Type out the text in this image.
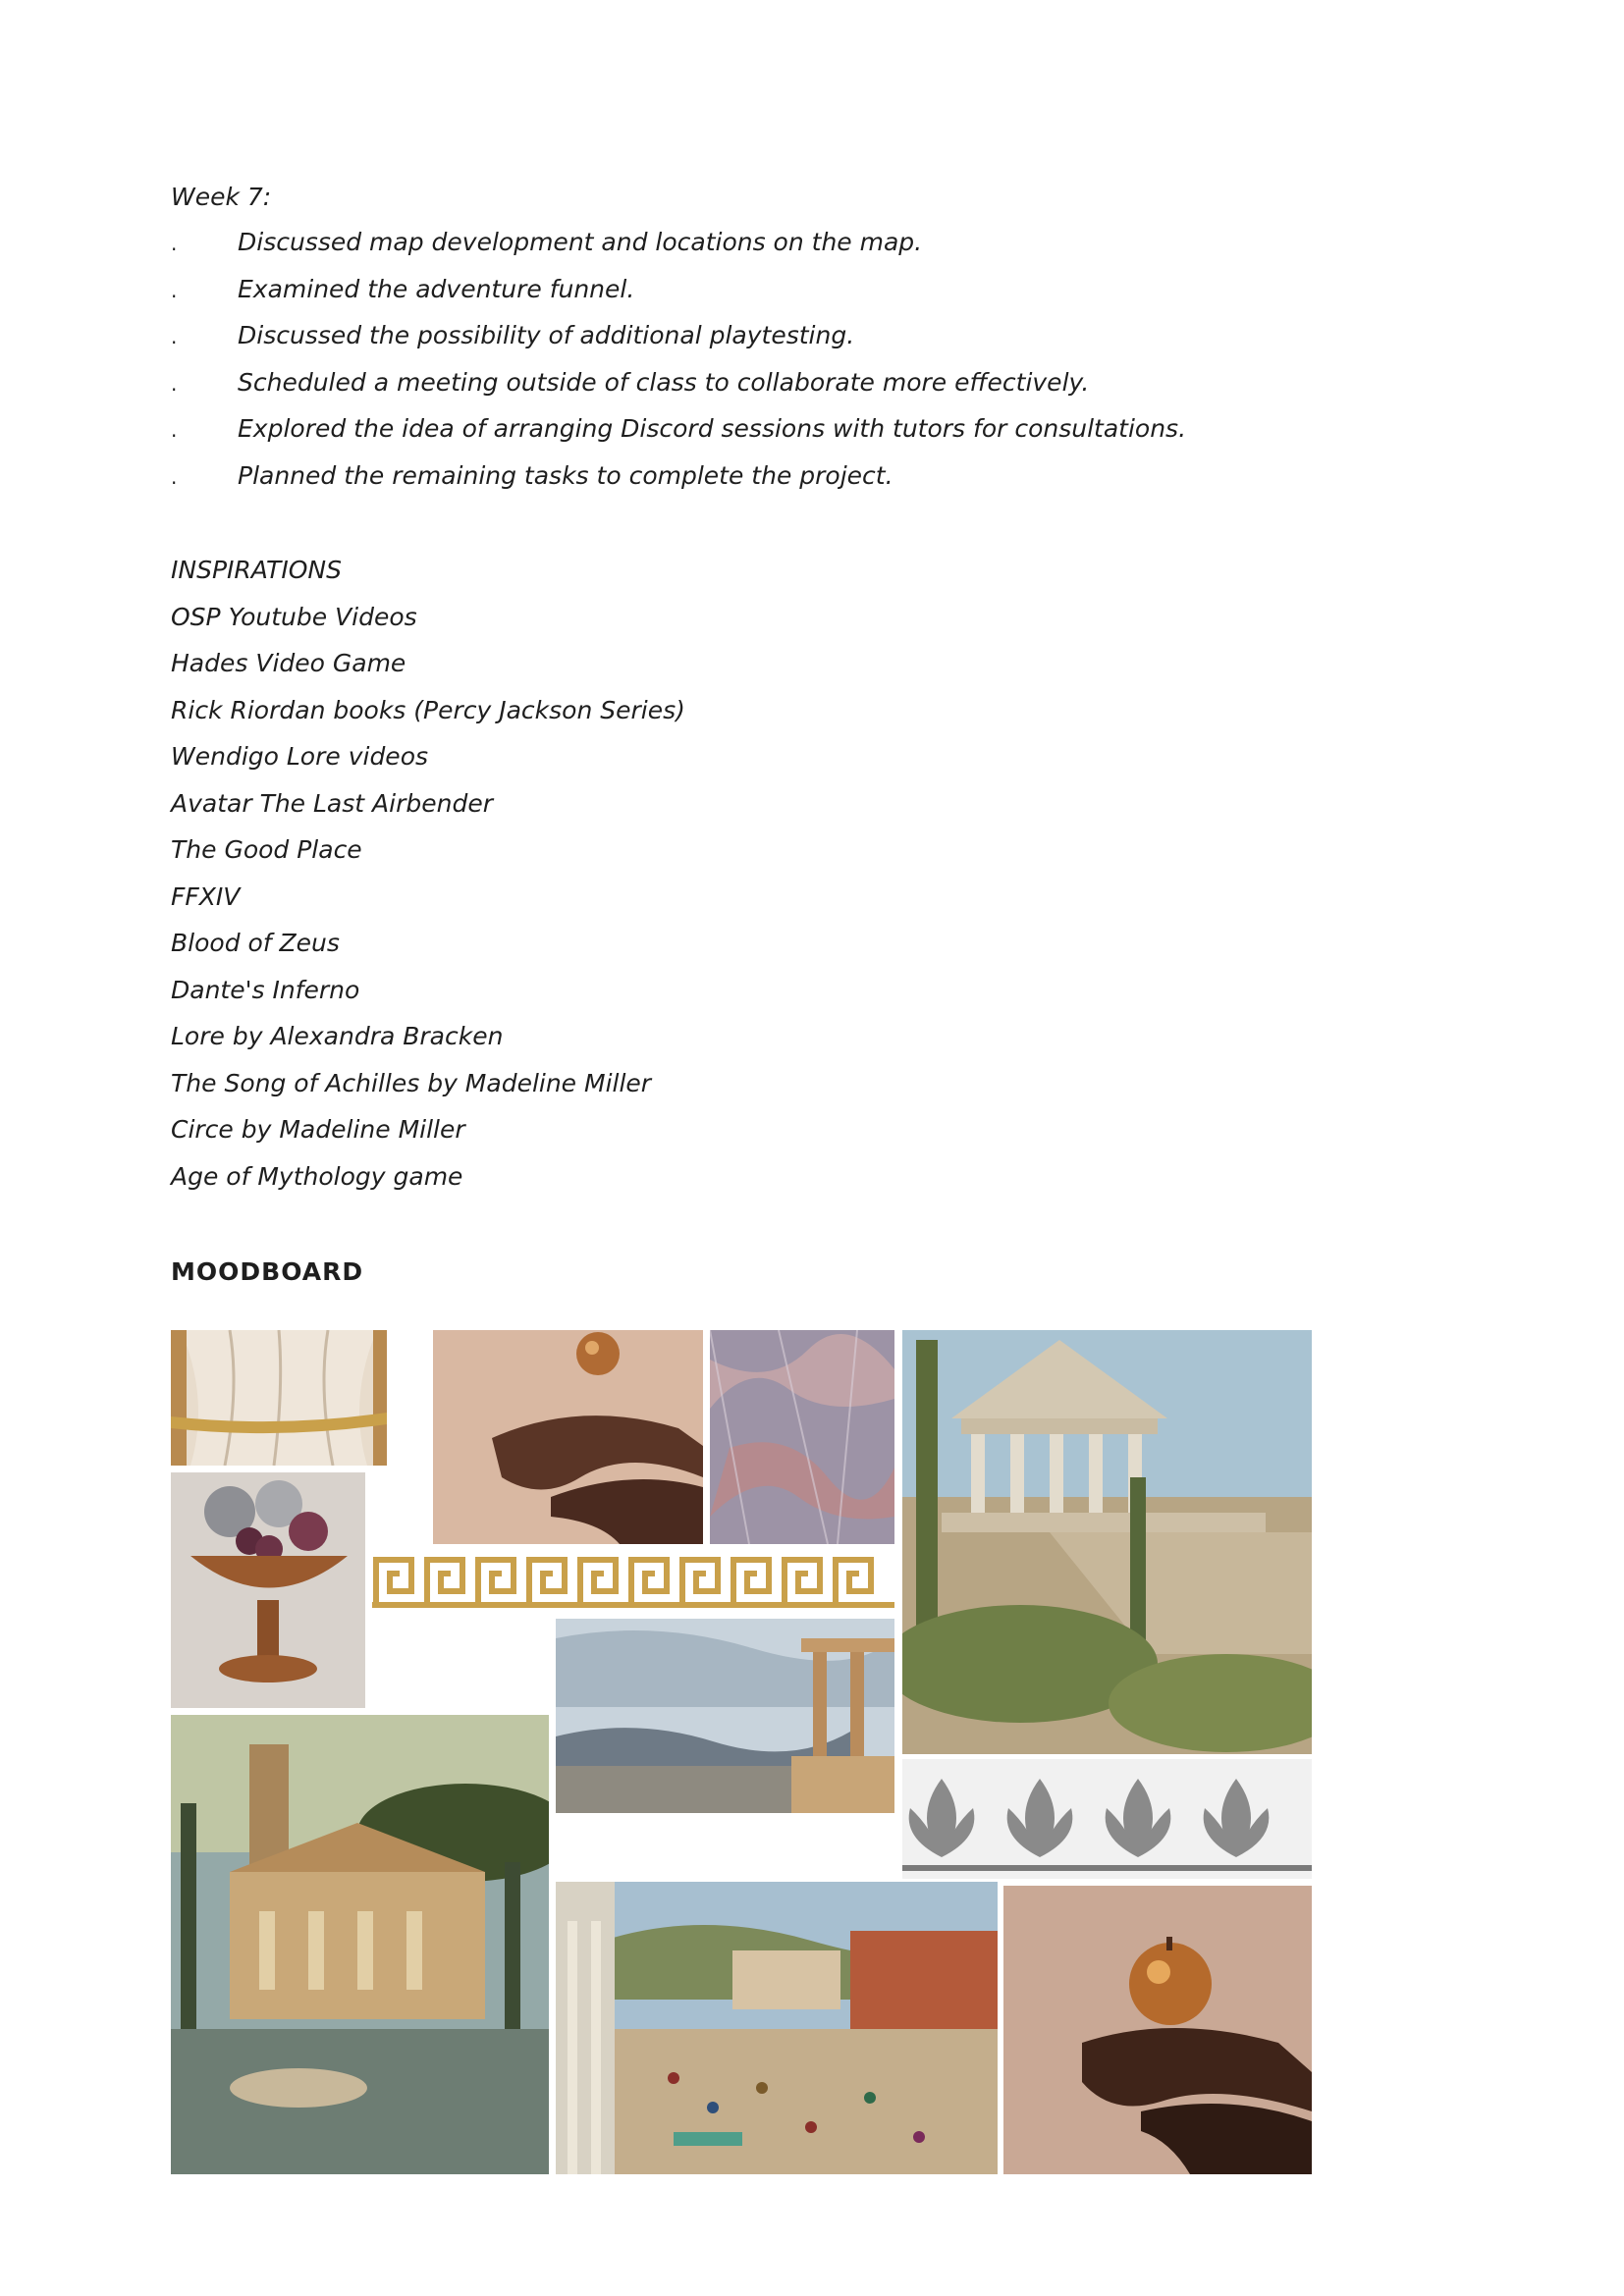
Week 7:

· Discussed map development and locations on the map.
· Examined the adventure funnel.
· Discussed the possibility of additional playtesting.
· Scheduled a meeting outside of class to collaborate more effectively.
· Explored the idea of arranging Discord sessions with tutors for consultations.
· Planned the remaining tasks to complete the project.
INSPIRATIONS
OSP Youtube Videos
Hades Video Game
Rick Riordan books (Percy Jackson Series)
Wendigo Lore videos
Avatar The Last Airbender
The Good Place
FFXIV
Blood of Zeus
Dante's Inferno
Lore by Alexandra Bracken
The Song of Achilles by Madeline Miller
Circe by Madeline Miller
Age of Mythology game
MOODBOARD
